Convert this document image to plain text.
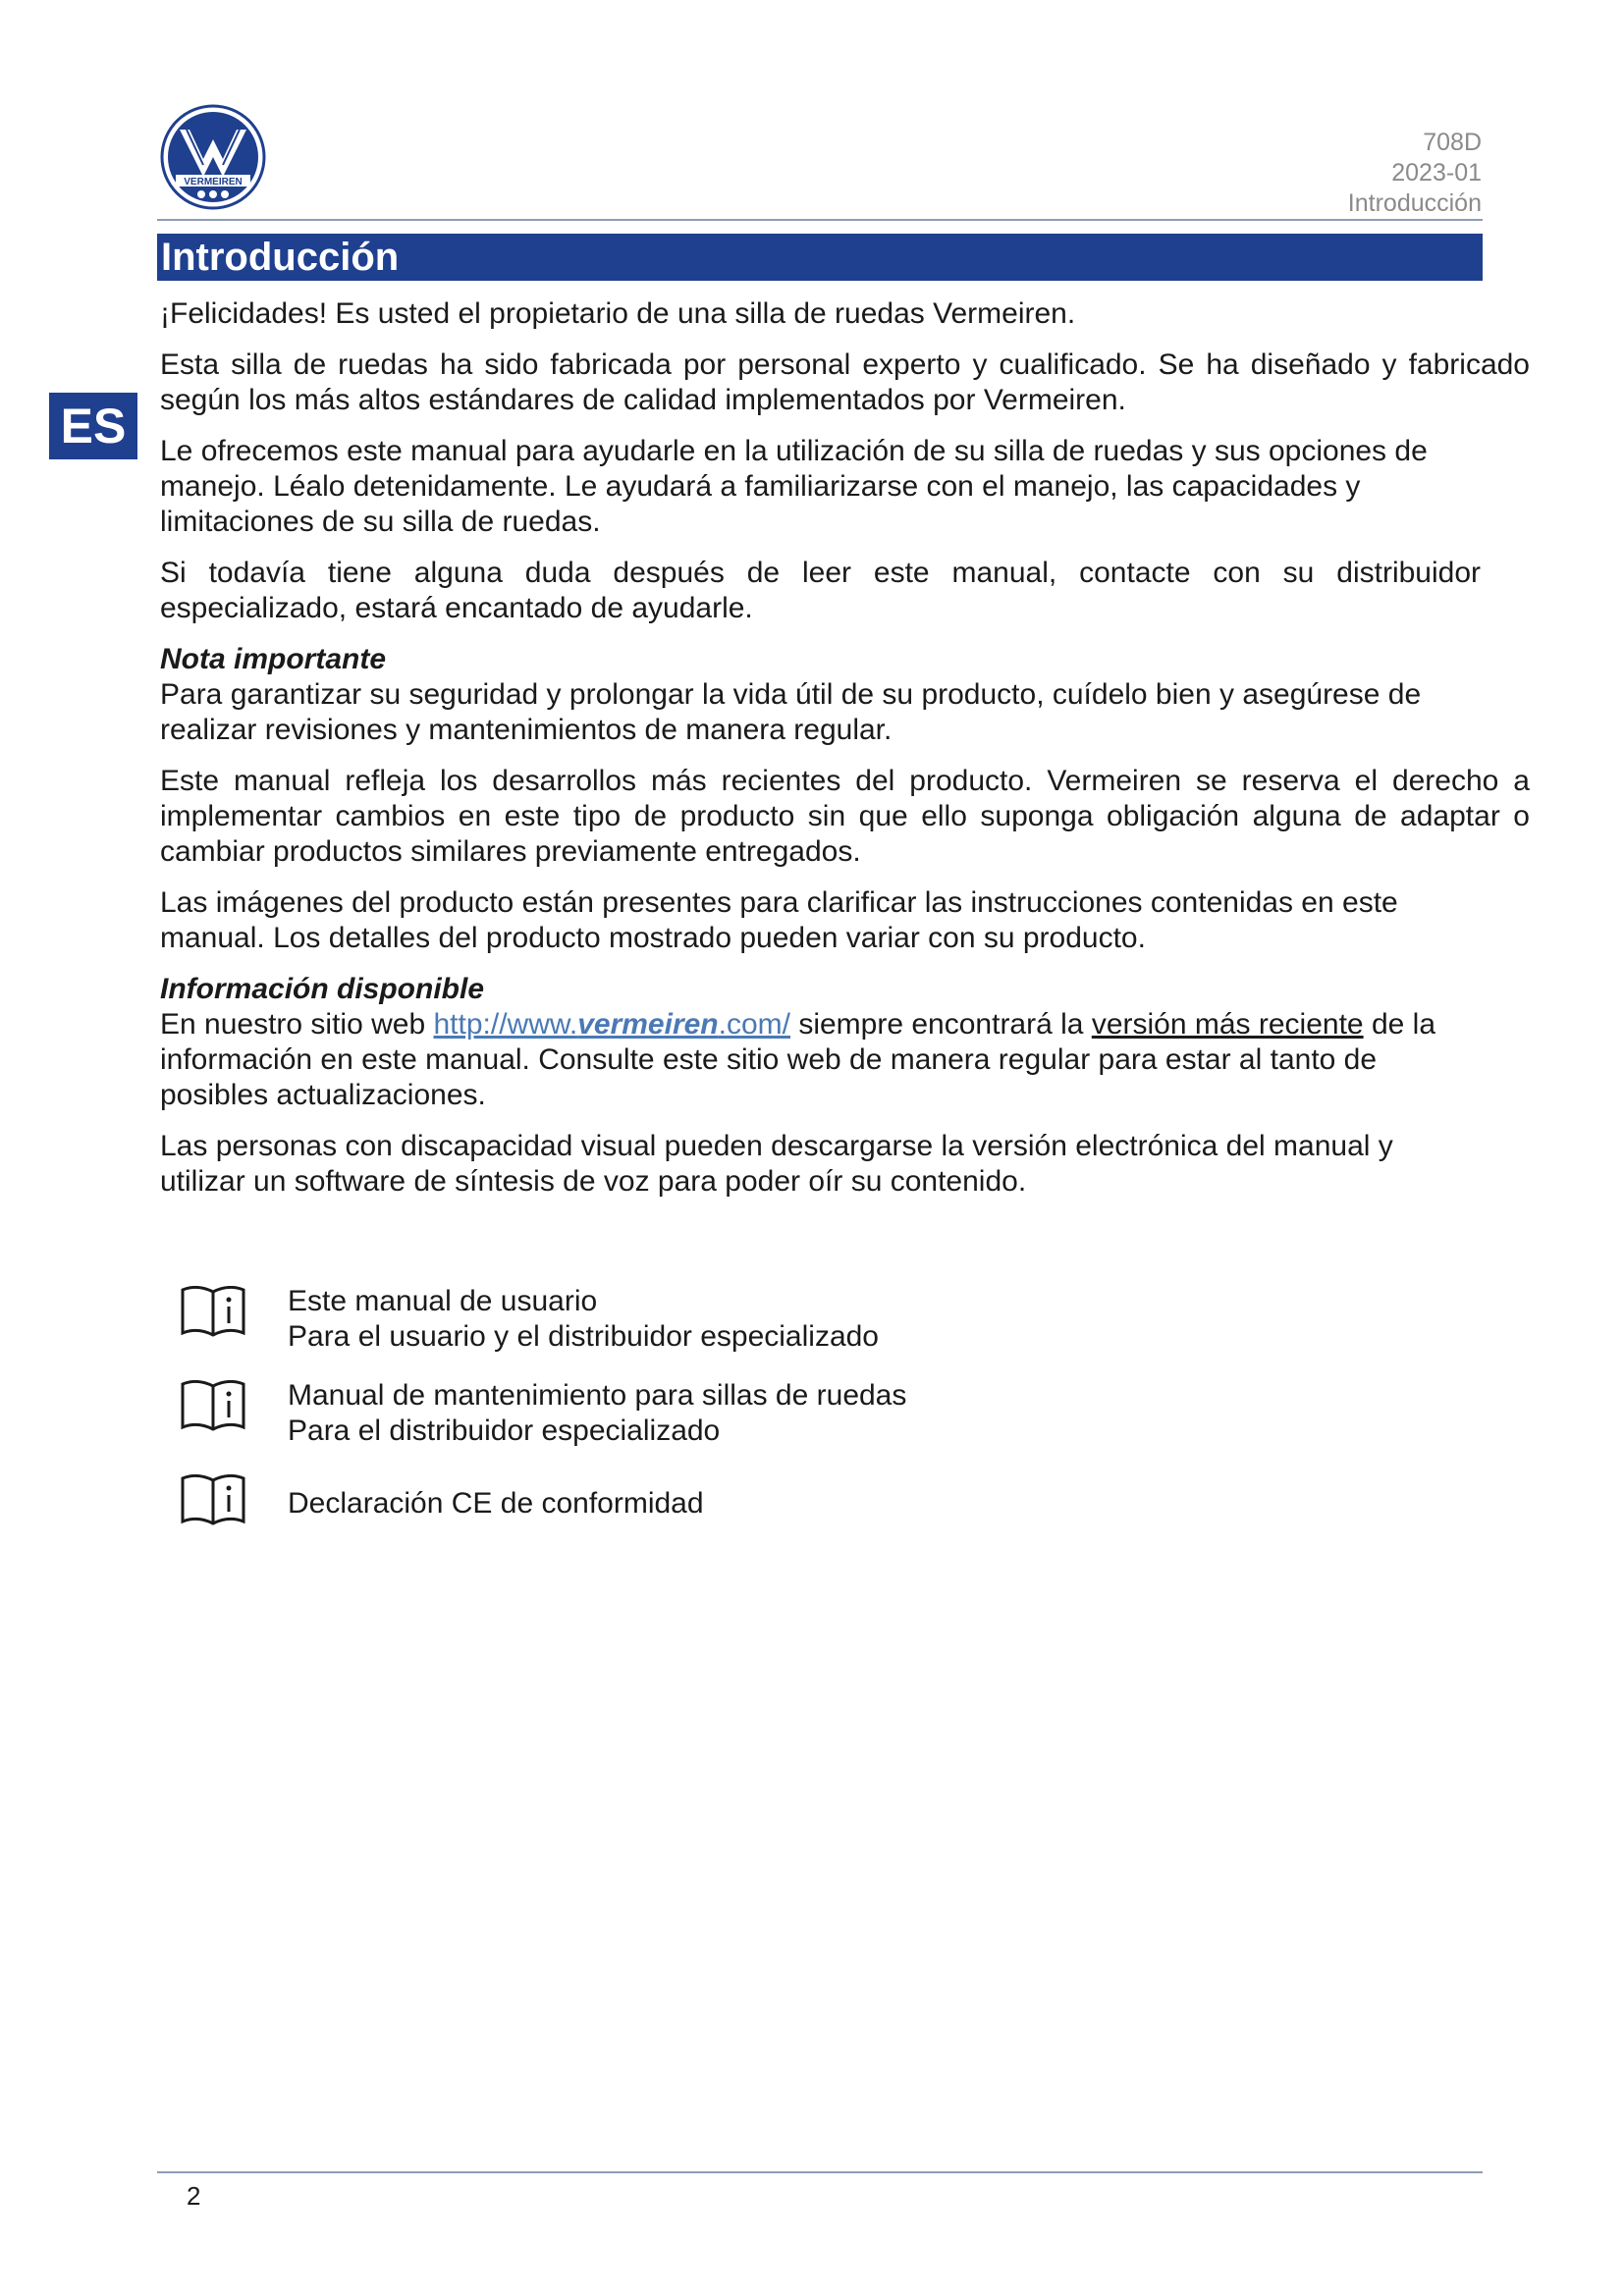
VERMEIREN
708D
2023-01
Introducción
Introducción
ES

¡Felicidades! Es usted el propietario de una silla de ruedas Vermeiren.

Esta silla de ruedas ha sido fabricada por personal experto y cualificado. Se ha diseñado y fabricado según los más altos estándares de calidad implementados por Vermeiren.

Le ofrecemos este manual para ayudarle en la utilización de su silla de ruedas y sus opciones de manejo. Léalo detenidamente. Le ayudará a familiarizarse con el manejo, las capacidades y limitaciones de su silla de ruedas.

Si todavía tiene alguna duda después de leer este manual, contacte con su distribuidor especializado, estará encantado de ayudarle.

Nota importante

Para garantizar su seguridad y prolongar la vida útil de su producto, cuídelo bien y asegúrese de realizar revisiones y mantenimientos de manera regular.

Este manual refleja los desarrollos más recientes del producto. Vermeiren se reserva el derecho a implementar cambios en este tipo de producto sin que ello suponga obligación alguna de adaptar o cambiar productos similares previamente entregados.

Las imágenes del producto están presentes para clarificar las instrucciones contenidas en este manual. Los detalles del producto mostrado pueden variar con su producto.

Información disponible

En nuestro sitio web http://www.vermeiren.com/ siempre encontrará la versión más reciente de la información en este manual. Consulte este sitio web de manera regular para estar al tanto de posibles actualizaciones.

Las personas con discapacidad visual pueden descargarse la versión electrónica del manual y utilizar un software de síntesis de voz para poder oír su contenido.

Este manual de usuario
Para el usuario y el distribuidor especializado
Manual de mantenimiento para sillas de ruedas
Para el distribuidor especializado
Declaración CE de conformidad
2
